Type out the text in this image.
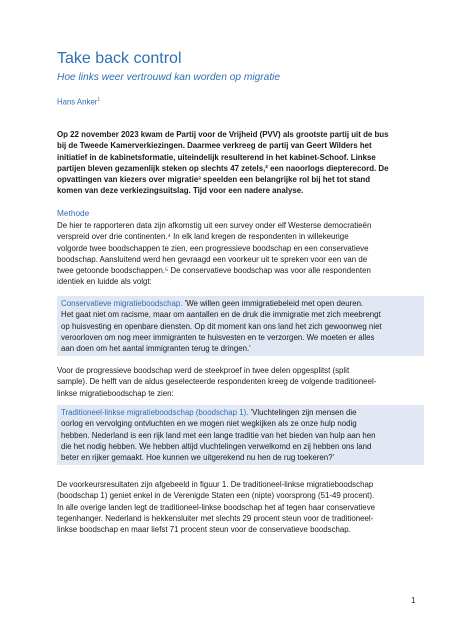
Take back control
Hoe links weer vertrouwd kan worden op migratie
Hans Anker$^1$
Op 22 november 2023 kwam de Partij voor de Vrijheid (PVV) als grootste partij uit de bus
bij de Tweede Kamerverkiezingen. Daarmee verkreeg de partij van Geert Wilders het
initiatief in de kabinetsformatie, uiteindelijk resulterend in het kabinet-Schoof. Linkse
partijen bleven gezamenlijk steken op slechts 47 zetels,² een naoorlogs diepterecord. De
opvattingen van kiezers over migratie³ speelden een belangrijke rol bij het tot stand
komen van deze verkiezingsuitslag. Tijd voor een nadere analyse.
Methode
De hier te rapporteren data zijn afkomstig uit een survey onder elf Westerse democratieën
verspreid over drie continenten.⁴ In elk land kregen de respondenten in willekeurige
volgorde twee boodschappen te zien, een progressieve boodschap en een conservatieve
boodschap. Aansluitend werd hen gevraagd een voorkeur uit te spreken voor een van de
twee getoonde boodschappen.⁵ De conservatieve boodschap was voor alle respondenten
identiek en luidde als volgt:
Conservatieve migratieboodschap. 'We willen geen immigratiebeleid met open deuren.
Het gaat niet om racisme, maar om aantallen en de druk die immigratie met zich meebrengt
op huisvesting en openbare diensten. Op dit moment kan ons land het zich gewoonweg niet
veroorloven om nog meer immigranten te huisvesten en te verzorgen. We moeten er alles
aan doen om het aantal immigranten terug te dringen.'
Voor de progressieve boodschap werd de steekproef in twee delen opgesplitst (split
sample). De helft van de aldus geselecteerde respondenten kreeg de volgende traditioneel-
linkse migratieboodschap te zien:
Traditioneel-linkse migratieboodschap (boodschap 1). 'Vluchtelingen zijn mensen die
oorlog en vervolging ontvluchten en we mogen niet wegkijken als ze onze hulp nodig
hebben. Nederland is een rijk land met een lange traditie van het bieden van hulp aan hen
die het nodig hebben. We hebben altijd vluchtelingen verwelkomd en zij hebben ons land
beter en rijker gemaakt. Hoe kunnen we uitgerekend nu hen de rug toekeren?'
De voorkeursresultaten zijn afgebeeld in figuur 1. De traditioneel-linkse migratieboodschap
(boodschap 1) geniet enkel in de Verenigde Staten een (nipte) voorsprong (51-49 procent).
In alle overige landen legt de traditioneel-linkse boodschap het af tegen haar conservatieve
tegenhanger. Nederland is hekkensluiter met slechts 29 procent steun voor de traditioneel-
linkse boodschap en maar liefst 71 procent steun voor de conservatieve boodschap.
1
